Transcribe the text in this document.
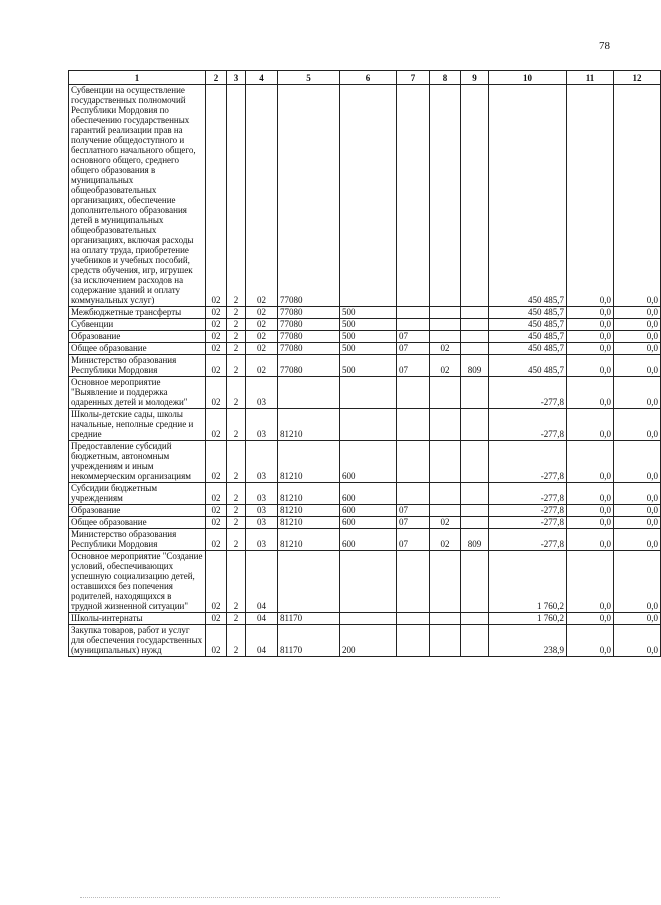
78
1	2	3	4	5	6	7	8	9	10	11	12
Субвенции на осуществление государственных полномочий Республики Мордовия по обеспечению государственных гарантий реализации прав на получение общедоступного и бесплатного начального общего, основного общего, среднего общего образования в муниципальных общеобразовательных организациях, обеспечение дополнительного образования детей в муниципальных общеобразовательных организациях, включая расходы на оплату труда, приобретение учебников и учебных пособий, средств обучения, игр, игрушек (за исключением расходов на содержание зданий и оплату коммунальных услуг)	02	2	02	77080					450 485,7	0,0	0,0
Межбюджетные трансферты	02	2	02	77080	500				450 485,7	0,0	0,0
Субвенции	02	2	02	77080	500				450 485,7	0,0	0,0
Образование	02	2	02	77080	500	07			450 485,7	0,0	0,0
Общее образование	02	2	02	77080	500	07	02		450 485,7	0,0	0,0
Министерство образования Республики Мордовия	02	2	02	77080	500	07	02	809	450 485,7	0,0	0,0
Основное мероприятие "Выявление и поддержка одаренных детей и молодежи"	02	2	03						-277,8	0,0	0,0
Школы-детские сады, школы начальные, неполные средние и средние	02	2	03	81210					-277,8	0,0	0,0
Предоставление субсидий бюджетным, автономным учреждениям и иным некоммерческим организациям	02	2	03	81210	600				-277,8	0,0	0,0
Субсидии бюджетным учреждениям	02	2	03	81210	600				-277,8	0,0	0,0
Образование	02	2	03	81210	600	07			-277,8	0,0	0,0
Общее образование	02	2	03	81210	600	07	02		-277,8	0,0	0,0
Министерство образования Республики Мордовия	02	2	03	81210	600	07	02	809	-277,8	0,0	0,0
Основное мероприятие "Создание условий, обеспечивающих успешную социализацию детей, оставшихся без попечения родителей, находящихся в трудной жизненной ситуации"	02	2	04						1 760,2	0,0	0,0
Школы-интернаты	02	2	04	81170					1 760,2	0,0	0,0
Закупка товаров, работ и услуг для обеспечения государственных (муниципальных) нужд	02	2	04	81170	200				238,9	0,0	0,0
